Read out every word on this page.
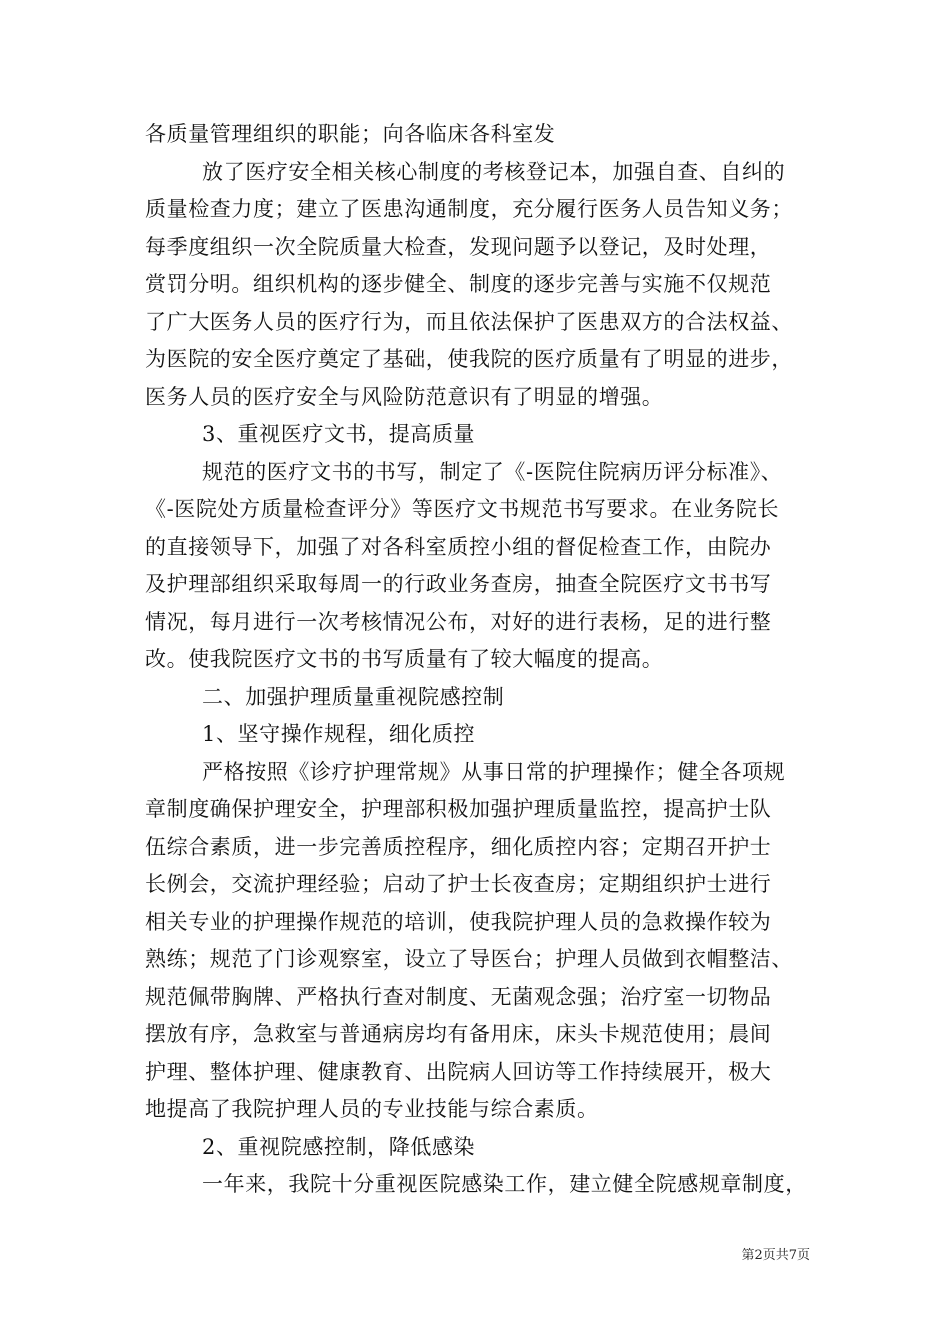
各质量管理组织的职能；向各临床各科室发
放了医疗安全相关核心制度的考核登记本，加强自查、自纠的
质量检查力度；建立了医患沟通制度，充分履行医务人员告知义务；
每季度组织一次全院质量大检查，发现问题予以登记，及时处理，
赏罚分明。组织机构的逐步健全、制度的逐步完善与实施不仅规范
了广大医务人员的医疗行为，而且依法保护了医患双方的合法权益、
为医院的安全医疗奠定了基础，使我院的医疗质量有了明显的进步，
医务人员的医疗安全与风险防范意识有了明显的增强。
3、重视医疗文书，提高质量
规范的医疗文书的书写，制定了《-医院住院病历评分标准》、
《-医院处方质量检查评分》等医疗文书规范书写要求。在业务院长
的直接领导下，加强了对各科室质控小组的督促检查工作，由院办
及护理部组织采取每周一的行政业务查房，抽查全院医疗文书书写
情况，每月进行一次考核情况公布，对好的进行表杨，足的进行整
改。使我院医疗文书的书写质量有了较大幅度的提高。
二、加强护理质量重视院感控制
1、坚守操作规程，细化质控
严格按照《诊疗护理常规》从事日常的护理操作；健全各项规
章制度确保护理安全，护理部积极加强护理质量监控，提高护士队
伍综合素质，进一步完善质控程序，细化质控内容；定期召开护士
长例会，交流护理经验；启动了护士长夜查房；定期组织护士进行
相关专业的护理操作规范的培训，使我院护理人员的急救操作较为
熟练；规范了门诊观察室，设立了导医台；护理人员做到衣帽整洁、
规范佩带胸牌、严格执行查对制度、无菌观念强；治疗室一切物品
摆放有序，急救室与普通病房均有备用床，床头卡规范使用；晨间
护理、整体护理、健康教育、出院病人回访等工作持续展开，极大
地提高了我院护理人员的专业技能与综合素质。
2、重视院感控制，降低感染
一年来，我院十分重视医院感染工作，建立健全院感规章制度，
第2页共7页
